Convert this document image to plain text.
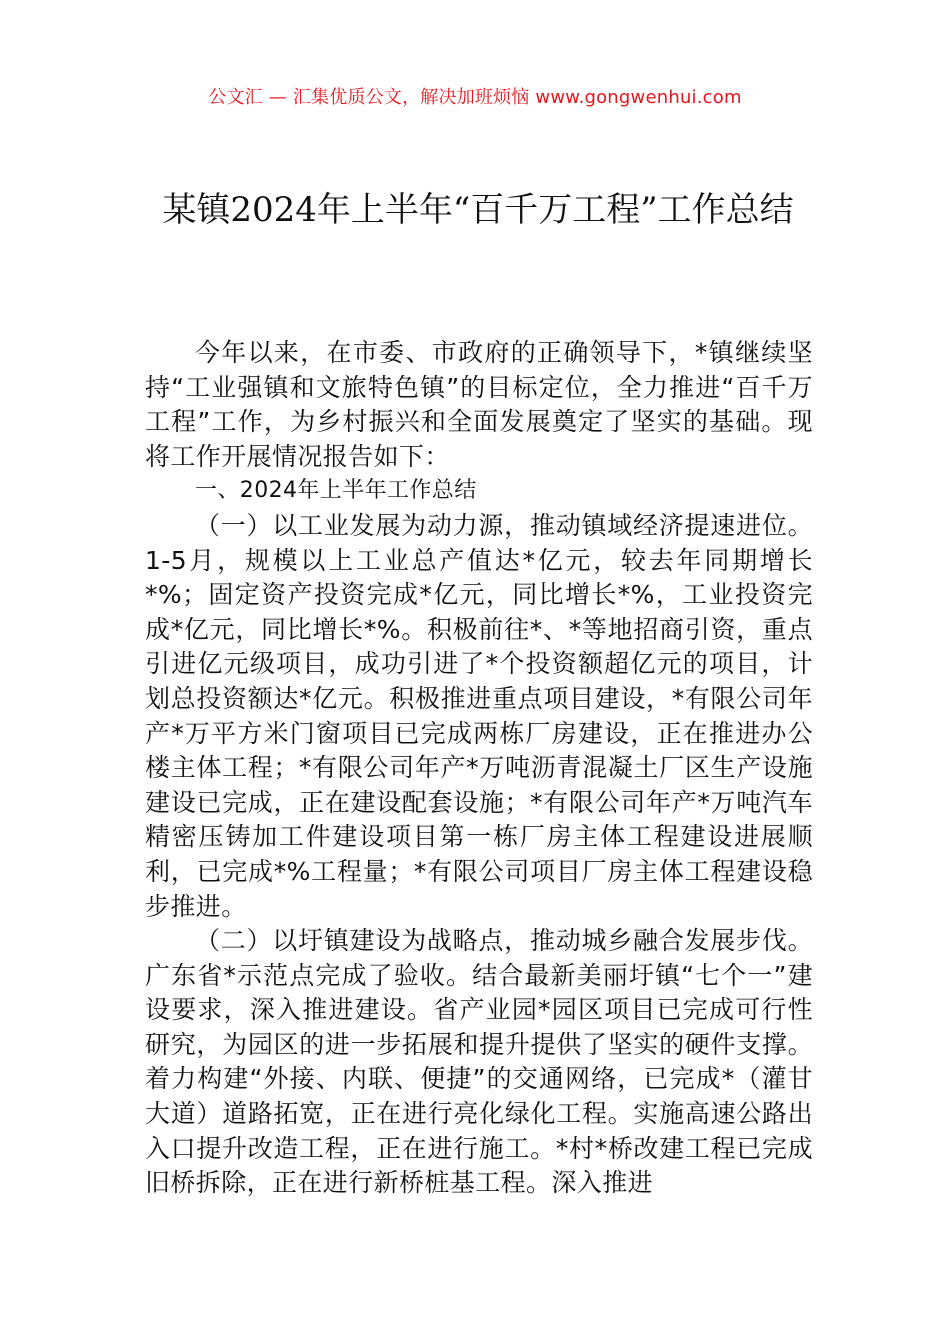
公文汇 — 汇集优质公文，解决加班烦恼 www.gongwenhui.com
某镇2024年上半年“百千万工程”工作总结

今年以来，在市委、市政府的正确领导下，*镇继续坚持“工业强镇和文旅特色镇”的目标定位，全力推进“百千万工程”工作，为乡村振兴和全面发展奠定了坚实的基础。现将工作开展情况报告如下：

一、2024年上半年工作总结

（一）以工业发展为动力源，推动镇域经济提速进位。1-5月，规模以上工业总产值达*亿元，较去年同期增长*%；固定资产投资完成*亿元，同比增长*%，工业投资完成*亿元，同比增长*%。积极前往*、*等地招商引资，重点引进亿元级项目，成功引进了*个投资额超亿元的项目，计划总投资额达*亿元。积极推进重点项目建设，*有限公司年产*万平方米门窗项目已完成两栋厂房建设，正在推进办公楼主体工程；*有限公司年产*万吨沥青混凝土厂区生产设施建设已完成，正在建设配套设施；*有限公司年产*万吨汽车精密压铸加工件建设项目第一栋厂房主体工程建设进展顺利，已完成*%工程量；*有限公司项目厂房主体工程建设稳步推进。

（二）以圩镇建设为战略点，推动城乡融合发展步伐。广东省*示范点完成了验收。结合最新美丽圩镇“七个一”建设要求，深入推进建设。省产业园*园区项目已完成可行性研究，为园区的进一步拓展和提升提供了坚实的硬件支撑。着力构建“外接、内联、便捷”的交通网络，已完成*（灌甘大道）道路拓宽，正在进行亮化绿化工程。实施高速公路出入口提升改造工程，正在进行施工。*村*桥改建工程已完成旧桥拆除，正在进行新桥桩基工程。深入推进
